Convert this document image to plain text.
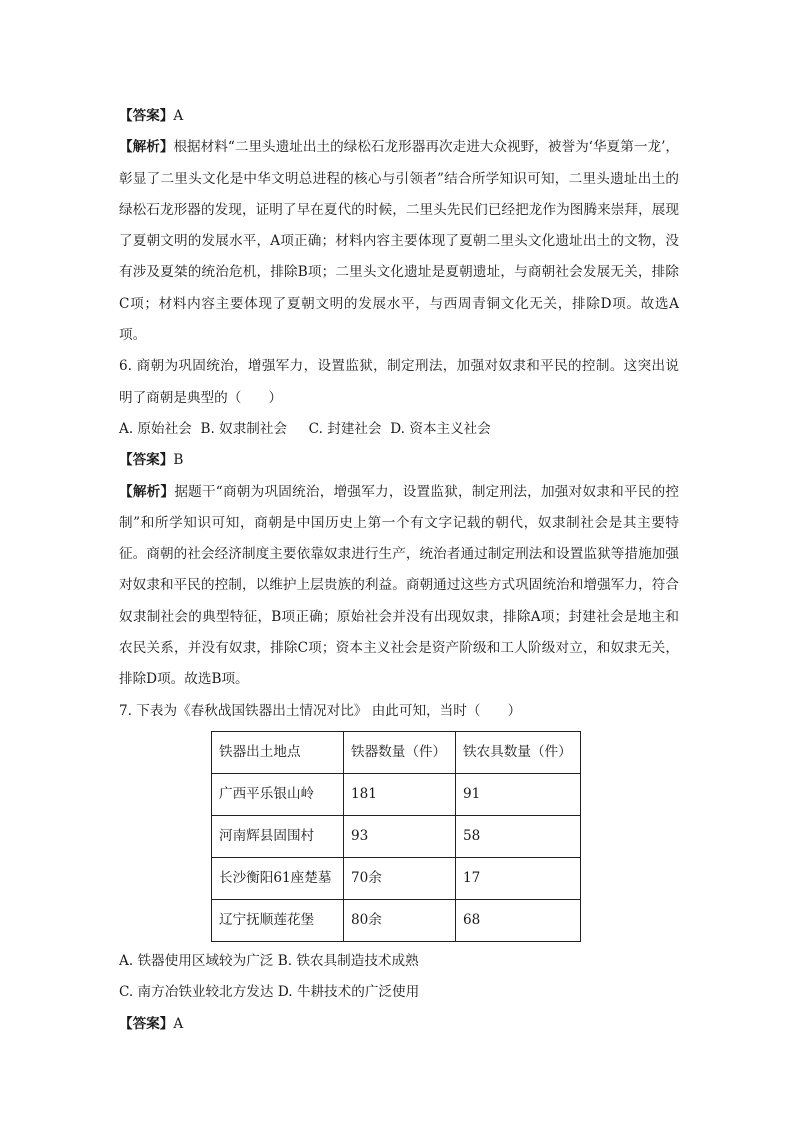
【答案】A

【解析】根据材料“二里头遗址出土的绿松石龙形器再次走进大众视野，被誉为‘华夏第一龙’，彰显了二里头文化是中华文明总进程的核心与引领者”结合所学知识可知，二里头遗址出土的绿松石龙形器的发现，证明了早在夏代的时候，二里头先民们已经把龙作为图腾来崇拜，展现了夏朝文明的发展水平，A项正确；材料内容主要体现了夏朝二里头文化遗址出土的文物，没有涉及夏桀的统治危机，排除B项；二里头文化遗址是夏朝遗址，与商朝社会发展无关，排除C项；材料内容主要体现了夏朝文明的发展水平，与西周青铜文化无关，排除D项。故选A项。

6. 商朝为巩固统治，增强军力，设置监狱，制定刑法，加强对奴隶和平民的控制。这突出说明了商朝是典型的（　　）

A. 原始社会  B. 奴隶制社会     C. 封建社会  D. 资本主义社会

【答案】B

【解析】据题干“商朝为巩固统治，增强军力，设置监狱，制定刑法，加强对奴隶和平民的控制”和所学知识可知，商朝是中国历史上第一个有文字记载的朝代，奴隶制社会是其主要特征。商朝的社会经济制度主要依靠奴隶进行生产，统治者通过制定刑法和设置监狱等措施加强对奴隶和平民的控制，以维护上层贵族的利益。商朝通过这些方式巩固统治和增强军力，符合奴隶制社会的典型特征，B项正确；原始社会并没有出现奴隶，排除A项；封建社会是地主和农民关系，并没有奴隶，排除C项；资本主义社会是资产阶级和工人阶级对立，和奴隶无关，排除D项。故选B项。

7. 下表为《春秋战国铁器出土情况对比》 由此可知，当时（　　）

铁器出土地点	铁器数量（件）	铁农具数量（件）
广西平乐银山岭	181	91
河南辉县固围村	93	58
长沙衡阳61座楚墓	70余	17
辽宁抚顺莲花堡	80余	68

A. 铁器使用区域较为广泛 B. 铁农具制造技术成熟

C. 南方冶铁业较北方发达 D. 牛耕技术的广泛使用

【答案】A
